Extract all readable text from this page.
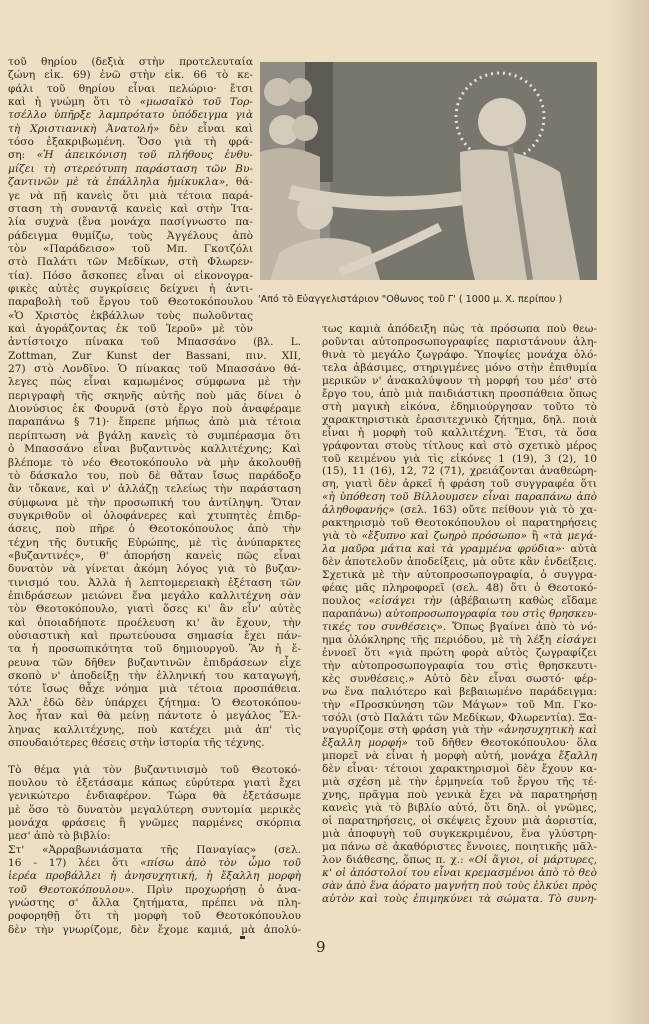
'Από τὸ Εὐαγγελιστάριον "Οθωνος τοῦ Γ' ( 1000 μ. Χ. περίπου )
τοῦ θηρίου (δεξιὰ στὴν προτελευταία
ζώνη εἰκ. 69) ἐνῶ στὴν εἰκ. 66 τὸ κε-
φάλι τοῦ θηρίου εἶναι πελώριο· ἔτσι
καὶ ἡ γνώμη ὅτι τὸ «μωσαϊκὸ τοῦ Τορ-
τσέλλο ὑπῆρξε λαμπρότατο ὑπόδειγμα γιὰ
τὴ Χριστιανικὴ Ἀνατολή» δὲν εἶναι καὶ
τόσο ἐξακριβωμένη. Ὅσο γιὰ τὴ φρά-
ση: «Ἡ ἀπεικόνιση τοῦ πλήθους ἐνθυ-
μίζει τὴ στερεότυπη παράσταση τῶν Βυ-
ζαντινῶν μὲ τὰ ἐπάλληλα ἡμίκυκλα», θά-
γε νὰ πῇ κανεὶς ὅτι μιὰ τέτοια παρά-
σταση τὴ συναντᾷ κανεὶς καὶ στὴν Ἰτα-
λία συχνὰ (ἕνα μονάχα πασίγνωστο πα-
ράδειγμα θυμίζω, τοὺς Ἀγγέλους ἀπὸ
τὸν «Παράδεισο» τοῦ Μπ. Γκοτζόλι
στὸ Παλάτι τῶν Μεδίκων, στὴ Φλωρεν-
τία). Πόσο ἄσκοπες εἶναι οἱ εἰκονογρα-
φικὲς αὐτὲς συγκρίσεις δείχνει ἡ ἀντι-
παραβολὴ τοῦ ἔργου τοῦ Θεοτοκόπουλου
«Ὁ Χριστὸς ἐκβάλλων τοὺς πωλοῦντας
καὶ ἀγοράζοντας ἐκ τοῦ Ἱεροῦ» μὲ τὸν
ἀντίστοιχο πίνακα τοῦ Μπασσάνο (βλ. L.
Zottman, Zur Kunst der Bassani, πιν. XII,
27) στὸ Λονδῖνο. Ὁ πίνακας τοῦ Μπασσάνο θά-
λεγες πὼς εἶναι καμωμένος σύμφωνα μὲ τὴν
περιγραφὴ τῆς σκηνῆς αὐτῆς ποὺ μᾶς δίνει ὁ
Διονύσιος ἐκ Φουρνᾶ (στὸ ἔργο ποὺ ἀναφέραμε
παραπάνω § 71)· ἔπρεπε μήπως ἀπὸ μιὰ τέτοια
περίπτωση νὰ βγάλῃ κανεὶς τὸ συμπέρασμα ὅτι
ὁ Μπασσάνο εἶναι βυζαντινὸς καλλιτέχνης; Καὶ
βλέπομε τὸ νέο Θεοτοκόπουλο νὰ μὴν ἀκολουθῇ
τὸ δάσκαλο του, ποὺ δὲ θἄταν ἴσως παράδοξο
ἂν τὄκανε, καὶ ν' ἀλλάζῃ τελείως τὴν παράσταση
σύμφωνα μὲ τὴν προσωπική του ἀντίληψη. Ὅταν
συγκριθοῦν οἱ ὁλοφάνερες καὶ χτυπητὲς ἐπιδρ-
άσεις, ποὺ πῆρε ὁ Θεοτοκόπουλος ἀπὸ τὴν
τέχνη τῆς δυτικῆς Εὐρώπης, μὲ τὶς ἀνύπαρκτες
«βυζαντινές», θ' ἀπορήσῃ κανεὶς πῶς εἶναι
δυνατὸν νὰ γίνεται ἀκόμη λόγος γιὰ τὸ βυζαν-
τινισμό του. Ἀλλὰ ἡ λεπτομερειακὴ ἐξέταση τῶν
ἐπιδράσεων μειώνει ἕνα μεγάλο καλλιτέχνη σὰν
τὸν Θεοτοκόπουλο, γιατὶ ὅσες κι' ἂν εἶν' αὐτὲς
καὶ ὁποιαδήποτε προέλευση κι' ἂν ἔχουν, τὴν
οὐσιαστικὴ καὶ πρωτεύουσα σημασία ἔχει πάν-
τα ἡ προσωπικότητα τοῦ δημιουργοῦ. Ἂν ἡ ἔ-
ρευνα τῶν δῆθεν βυζαντινῶν ἐπιδράσεων εἶχε
σκοπὸ ν' ἀποδείξῃ τὴν ἑλληνική του καταγωγή,
τότε ἴσως θἆχε νόημα μιὰ τέτοια προσπάθεια.
Ἀλλ' ἐδῶ δὲν ὑπάρχει ζήτημα: Ὁ Θεοτοκόπου-
λος ἦταν καὶ θὰ μείνῃ πάντοτε ὁ μεγάλος Ἕλ-
ληνας καλλιτέχνης, ποὺ κατέχει μιὰ ἀπ' τὶς
σπουδαιότερες θέσεις στὴν ἱστορία τῆς τέχνης.
Τὸ θέμα γιὰ τὸν βυζαντινισμὸ τοῦ Θεοτοκό-
πουλου τὸ ἐξετάσαμε κάπως εὐρύτερα γιατὶ ἔχει
γενικώτερο ἐνδιαφέρον. Τώρα θὰ ἐξετάσωμε
μὲ ὅσο τὸ δυνατὸν μεγαλύτερη συντομία μερικὲς
μονάχα φράσεις ἢ γνῶμες παρμένες σκόρπια
μεσ' ἀπὸ τὸ βιβλίο:
Στ' «Ἀρραβωνιάσματα τῆς Παναγίας» (σελ.
16 - 17) λέει ὅτι «πίσω ἀπὸ τὸν ὦμο τοῦ
ἱερέα προβάλλει ἡ ἀνησυχητική, ἡ ἔξαλλη μορφὴ
τοῦ Θεοτοκόπουλου». Πρὶν προχωρήσῃ ὁ ἀνα-
γνώστης σ' ἄλλα ζητήματα, πρέπει νὰ πλη-
ροφορηθῇ ὅτι τὴ μορφὴ τοῦ Θεοτοκόπουλου
δὲν τὴν γνωρίζομε, δὲν ἔχομε καμιά, μὰ ἀπολύ-
τως καμιὰ ἀπόδειξη πὼς τὰ πρόσωπα ποὺ θεω-
ροῦνται αὐτοπροσωπογραφίες παριστάνουν ἀλη-
θινὰ τὸ μεγάλο ζωγράφο. Ὑποψίες μονάχα ὁλό-
τελα ἀβάσιμες, στηριγμένες μόνο στὴν ἐπιθυμία
μερικῶν ν' ἀνακαλύψουν τὴ μορφή του μέσ' στὸ
ἔργο του, ἀπὸ μιὰ παιδιάστικη προσπάθεια ὅπως
στὴ μαγικὴ εἰκόνα, ἐδημιούργησαν τοῦτο τὸ
χαρακτηριστικὰ ἐρασιτεχνικὸ ζήτημα, δηλ. ποιὰ
εἶναι ἡ μορφὴ τοῦ καλλιτέχνη. Ἔτσι, τὰ ὅσα
γράφονται στοὺς τίτλους καὶ στὸ σχετικὸ μέρος
τοῦ κειμένου γιὰ τὶς εἰκόνες 1 (19), 3 (2), 10
(15), 11 (16), 12, 72 (71), χρειάζονται ἀναθεώρη-
ση, γιατὶ δὲν ἀρκεῖ ἡ φράση τοῦ συγγραφέα ὅτι
«ἡ ὑπόθεση τοῦ Βίλλουμσεν εἶναι παραπάνω ἀπὸ
ἀληθοφανής» (σελ. 163) οὔτε πείθουν γιὰ τὸ χα-
ρακτηρισμὸ τοῦ Θεοτοκόπουλου οἱ παρατηρήσεις
γιὰ τὸ «ἔξυπνο καὶ ζωηρὸ πρόσωπο» ἢ «τὰ μεγά-
λα μαῦρα μάτια καὶ τὰ γραμμένα φρύδια»· αὐτὰ
δὲν ἀποτελοῦν ἀποδείξεις, μὰ οὔτε κἂν ἐνδείξεις.
Σχετικὰ μὲ τὴν αὐτοπροσωπογραφία, ὁ συγγρα-
φέας μᾶς πληροφορεῖ (σελ. 48) ὅτι ὁ Θεοτοκό-
πουλος «εἰσάγει τὴν (ἀβέβαιωτη καθὼς εἴδαμε
παραπάνω) αὐτοπροσωπογραφία του στὶς θρησκευ-
τικές του συνθέσεις». Ὅπως βγαίνει ἀπὸ τὸ νό-
ημα ὁλόκληρης τῆς περιόδου, μὲ τὴ λέξη εἰσάγει
ἐννοεῖ ὅτι «γιὰ πρώτη φορὰ αὐτὸς ζωγραφίζει
τὴν αὐτοπροσωπογραφία του στὶς θρησκευτι-
κὲς συνθέσεις.» Αὐτὸ δὲν εἶναι σωστό· φέρ-
νω ἕνα παλιότερο καὶ βεβαιωμένο παράδειγμα:
τὴν «Προσκύνηση τῶν Μάγων» τοῦ Μπ. Γκο-
τσόλι (στὸ Παλάτι τῶν Μεδίκων, Φλωρεντία). Ξα-
ναγυρίζομε στὴ φράση γιὰ τὴν «ἀνησυχητικὴ καὶ
ἔξαλλη μορφή» τοῦ δῆθεν Θεοτοκόπουλου· ὅλα
μπορεῖ νὰ εἶναι ἡ μορφὴ αὐτή, μονάχα ἔξαλλη
δὲν εἶναι· τέτοιοι χαρακτηρισμοὶ δὲν ἔχουν κα-
μιὰ σχέση μὲ τὴν ἑρμηνεία τοῦ ἔργου τῆς τέ-
χνης, πρᾶγμα ποὺ γενικὰ ἔχει νὰ παρατηρήσῃ
κανεὶς γιὰ τὸ βιβλίο αὐτό, ὅτι δηλ. οἱ γνῶμες,
οἱ παρατηρήσεις, οἱ σκέψεις ἔχουν μιὰ ἀοριστία,
μιὰ ἀποφυγὴ τοῦ συγκεκριμένου, ἕνα γλύστρη-
μα πάνω σὲ ἀκαθόριστες ἔννοιες, ποιητικῆς μᾶλ-
λον διάθεσης, ὅπως π. χ.: «Οἱ ἅγιοι, οἱ μάρτυρες,
κ' οἱ ἀπόστολοί του εἶναι κρεμασμένοι ἀπὸ τὸ θεὸ
σὰν ἀπὸ ἕνα ἀόρατο μαγνήτη ποὺ τοὺς ἑλκύει πρὸς
αὐτὸν καὶ τοὺς ἐπιμηκύνει τὰ σώματα. Τὸ συνη-
9
